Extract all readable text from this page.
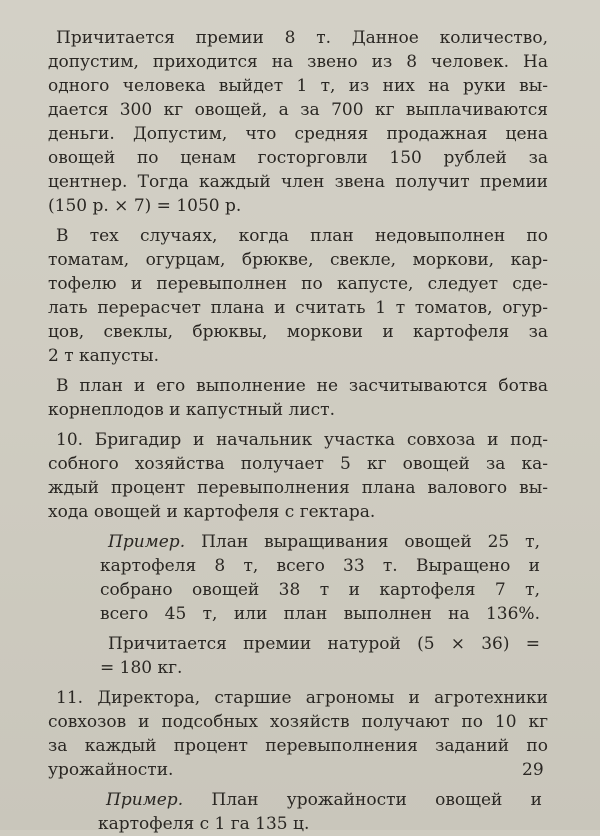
Причитается премии 8 т. Данное количество,
допустим, приходится на звено из 8 человек. На
одного человека выйдет 1 т, из них на руки вы-
дается 300 кг овощей, а за 700 кг выплачиваются
деньги. Допустим, что средняя продажная цена
овощей по ценам госторговли 150 рублей за
центнер. Тогда каждый член звена получит премии
(150 р. × 7) = 1050 р.
В тех случаях, когда план недовыполнен по
томатам, огурцам, брюкве, свекле, моркови, кар-
тофелю и перевыполнен по капусте, следует сде-
лать перерасчет плана и считать 1 т томатов, огур-
цов, свеклы, брюквы, моркови и картофеля за
2 т капусты.
В план и его выполнение не засчитываются ботва
корнеплодов и капустный лист.
10. Бригадир и начальник участка совхоза и под-
собного хозяйства получает 5 кг овощей за ка-
ждый процент перевыполнения плана валового вы-
хода овощей и картофеля с гектара.
Пример. План выращивания овощей 25 т,
картофеля 8 т, всего 33 т. Выращено и
собрано овощей 38 т и картофеля 7 т,
всего 45 т, или план выполнен на 136%.
Причитается премии натурой (5 × 36) =
= 180 кг.
11. Директора, старшие агрономы и агротехники
совхозов и подсобных хозяйств получают по 10 кг
за каждый процент перевыполнения заданий по
урожайности.
Пример. План урожайности овощей и
картофеля с 1 га 135 ц.
29
